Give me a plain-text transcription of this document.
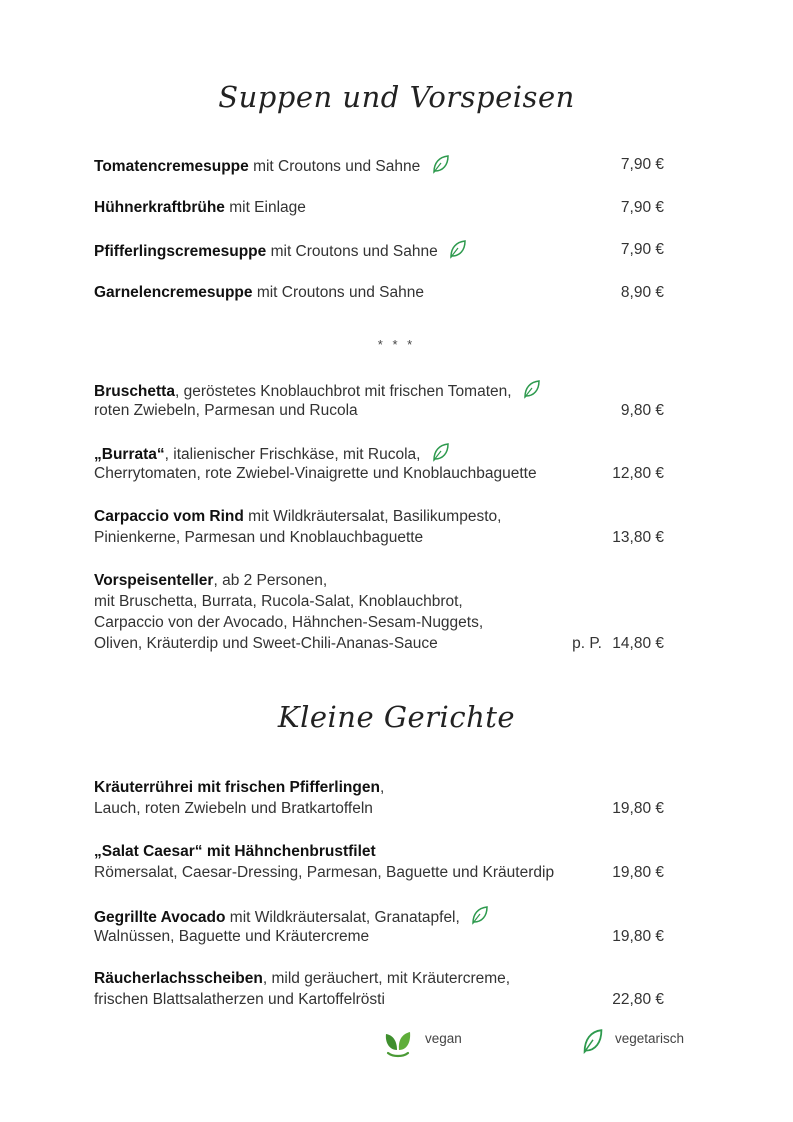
Suppen und Vorspeisen
Tomatencremesuppe mit Croutons und Sahne	7,90 €
Hühnerkraftbrühe mit Einlage	7,90 €
Pfifferlingscremesuppe mit Croutons und Sahne	7,90 €
Garnelencremesuppe mit Croutons und Sahne	8,90 €
* * *
Bruschetta, geröstetes Knoblauchbrot mit frischen Tomaten,
roten Zwiebeln, Parmesan und Rucola	9,80 €
„Burrata“, italienischer Frischkäse, mit Rucola,
Cherrytomaten, rote Zwiebel-Vinaigrette und Knoblauchbaguette	12,80 €
Carpaccio vom Rind mit Wildkräutersalat, Basilikumpesto,
Pinienkerne, Parmesan und Knoblauchbaguette	13,80 €
Vorspeisenteller, ab 2 Personen,
mit Bruschetta, Burrata, Rucola-Salat, Knoblauchbrot,
Carpaccio von der Avocado, Hähnchen-Sesam-Nuggets,
Oliven, Kräuterdip und Sweet-Chili-Ananas-Sauce	p. P. 14,80 €
Kleine Gerichte
Kräuterrührei mit frischen Pfifferlingen,
Lauch, roten Zwiebeln und Bratkartoffeln	19,80 €
„Salat Caesar“ mit Hähnchenbrustfilet
Römersalat, Caesar-Dressing, Parmesan, Baguette und Kräuterdip	19,80 €
Gegrillte Avocado mit Wildkräutersalat, Granatapfel,
Walnüssen, Baguette und Kräutercreme	19,80 €
Räucherlachsscheiben, mild geräuchert, mit Kräutercreme,
frischen Blattsalatherzen und Kartoffelrösti	22,80 €
vegan	vegetarisch
